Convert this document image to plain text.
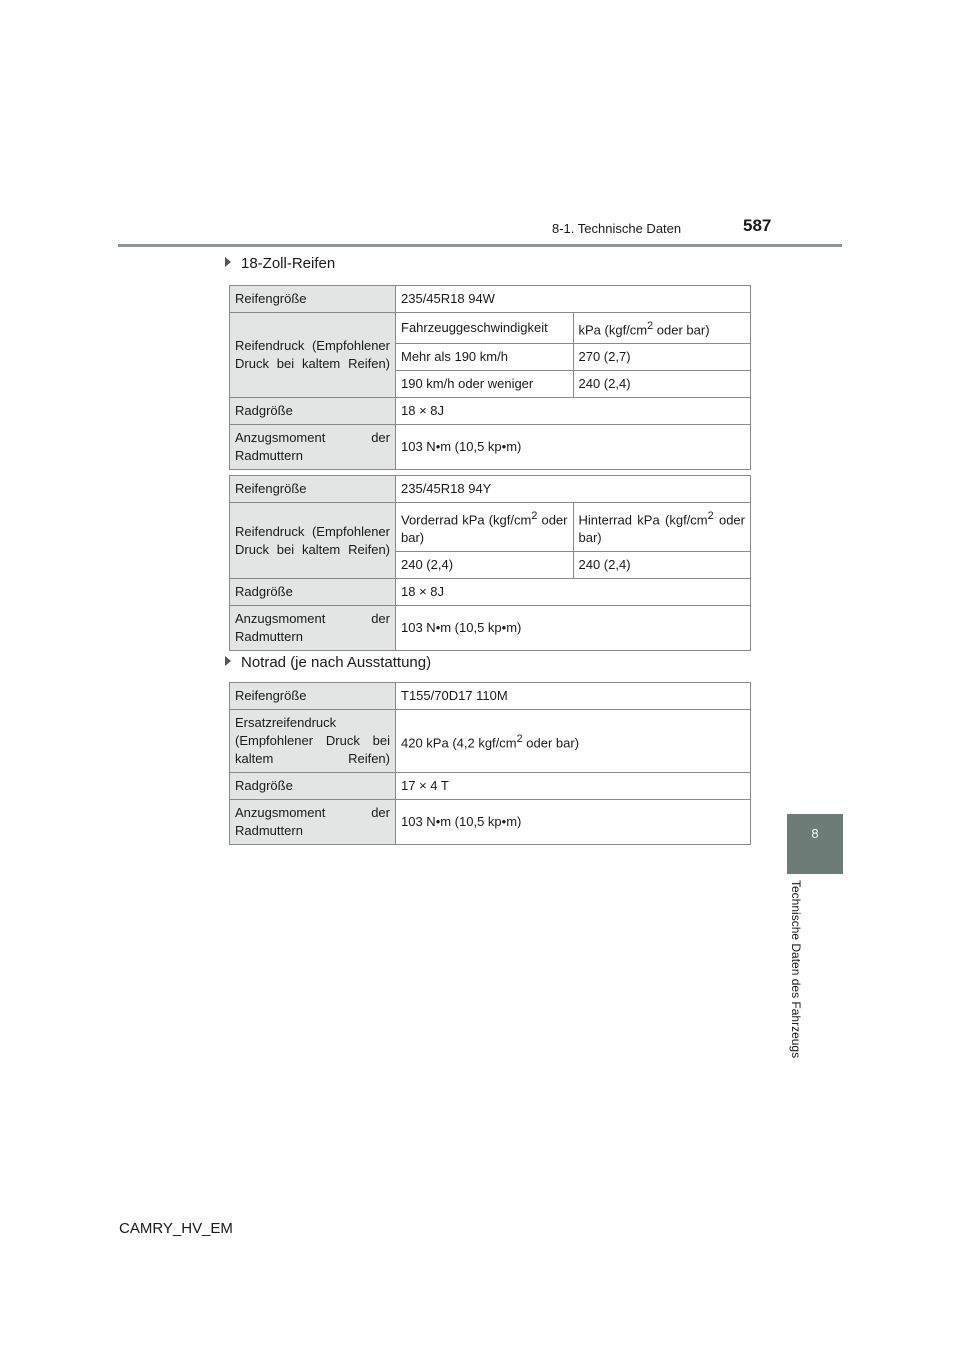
8-1. Technische Daten	587
8
Technische Daten des Fahrzeugs
18-Zoll-Reifen
Reifengröße	235/45R18 94W	
Reifendruck (Empfohlener Druck bei kaltem Reifen)	Fahrzeuggeschwindigkeit	kPa ($kgf/cm^2$ oder bar)
	Mehr als 190 km/h	270 (2,7)
	190 km/h oder weniger	240 (2,4)
Radgröße	18 × 8J	
Anzugsmoment der Radmuttern	103 N•m (10,5 kp•m)	
Reifengröße	235/45R18 94Y	
Reifendruck (Empfohlener Druck bei kaltem Reifen)	Vorderrad kPa ($kgf/cm^2$ oder bar)	Hinterrad kPa ($kgf/cm^2$ oder bar)
	240 (2,4)	240 (2,4)
Radgröße	18 × 8J	
Anzugsmoment der Radmuttern	103 N•m (10,5 kp•m)	
Notrad (je nach Ausstattung)
Reifengröße	T155/70D17 110M
Ersatzreifendruck (Empfohlener Druck bei kaltem Reifen)	420 kPa (4,2 kgf/$cm^2$ oder bar)
Radgröße	17 × 4 T
Anzugsmoment der Radmuttern	103 N•m (10,5 kp•m)
CAMRY_HV_EM
